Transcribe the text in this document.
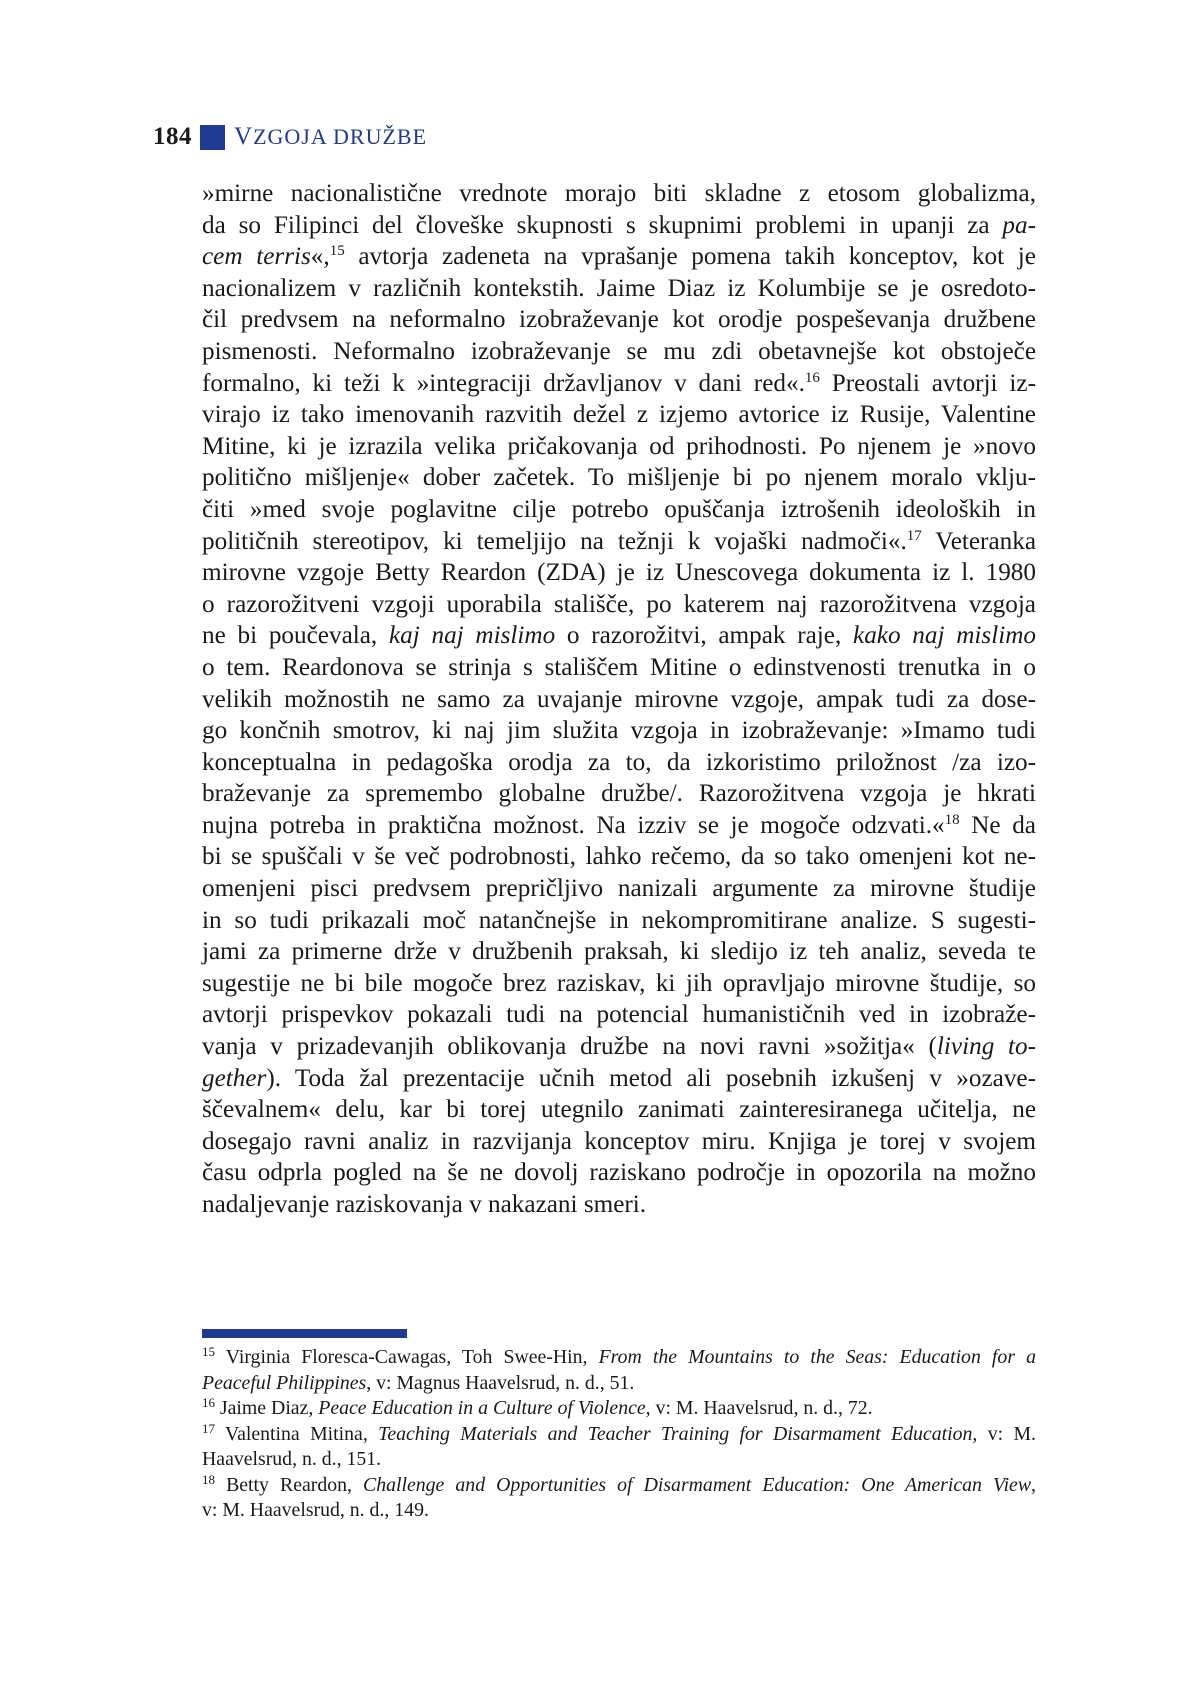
184 VZGOJA DRUŽBE
»mirne nacionalistične vrednote morajo biti skladne z etosom globalizma,
da so Filipinci del človeške skupnosti s skupnimi problemi in upanji za pa-
cem terris«,$^{15}$ avtorja zadeneta na vprašanje pomena takih konceptov, kot je
nacionalizem v različnih kontekstih. Jaime Diaz iz Kolumbije se je osredoto-
čil predvsem na neformalno izobraževanje kot orodje pospeševanja družbene
pismenosti. Neformalno izobraževanje se mu zdi obetavnejše kot obstoječe
formalno, ki teži k »integraciji državljanov v dani red«.$^{16}$ Preostali avtorji iz-
virajo iz tako imenovanih razvitih dežel z izjemo avtorice iz Rusije, Valentine
Mitine, ki je izrazila velika pričakovanja od prihodnosti. Po njenem je »novo
politično mišljenje« dober začetek. To mišljenje bi po njenem moralo vklju-
čiti »med svoje poglavitne cilje potrebo opuščanja iztrošenih ideoloških in
političnih stereotipov, ki temeljijo na težnji k vojaški nadmoči«.$^{17}$ Veteranka
mirovne vzgoje Betty Reardon (ZDA) je iz Unescovega dokumenta iz l. 1980
o razorožitveni vzgoji uporabila stališče, po katerem naj razorožitvena vzgoja
ne bi poučevala, kaj naj mislimo o razorožitvi, ampak raje, kako naj mislimo
o tem. Reardonova se strinja s stališčem Mitine o edinstvenosti trenutka in o
velikih možnostih ne samo za uvajanje mirovne vzgoje, ampak tudi za dose-
go končnih smotrov, ki naj jim služita vzgoja in izobraževanje: »Imamo tudi
konceptualna in pedagoška orodja za to, da izkoristimo priložnost /za izo-
braževanje za spremembo globalne družbe/. Razorožitvena vzgoja je hkrati
nujna potreba in praktična možnost. Na izziv se je mogoče odzvati.«$^{18}$ Ne da
bi se spuščali v še več podrobnosti, lahko rečemo, da so tako omenjeni kot ne-
omenjeni pisci predvsem prepričljivo nanizali argumente za mirovne študije
in so tudi prikazali moč natančnejše in nekompromitirane analize. S sugesti-
jami za primerne drže v družbenih praksah, ki sledijo iz teh analiz, seveda te
sugestije ne bi bile mogoče brez raziskav, ki jih opravljajo mirovne študije, so
avtorji prispevkov pokazali tudi na potencial humanističnih ved in izobraže-
vanja v prizadevanjih oblikovanja družbe na novi ravni »sožitja« (living to-
gether). Toda žal prezentacije učnih metod ali posebnih izkušenj v »ozave-
ščevalnem« delu, kar bi torej utegnilo zanimati zainteresiranega učitelja, ne
dosegajo ravni analiz in razvijanja konceptov miru. Knjiga je torej v svojem
času odprla pogled na še ne dovolj raziskano področje in opozorila na možno
nadaljevanje raziskovanja v nakazani smeri.
$^{15}$ Virginia Floresca-Cawagas, Toh Swee-Hin, From the Mountains to the Seas: Education for a
Peaceful Philippines, v: Magnus Haavelsrud, n. d., 51.
$^{16}$ Jaime Diaz, Peace Education in a Culture of Violence, v: M. Haavelsrud, n. d., 72.
$^{17}$ Valentina Mitina, Teaching Materials and Teacher Training for Disarmament Education, v: M.
Haavelsrud, n. d., 151.
$^{18}$ Betty Reardon, Challenge and Opportunities of Disarmament Education: One American View,
v: M. Haavelsrud, n. d., 149.
